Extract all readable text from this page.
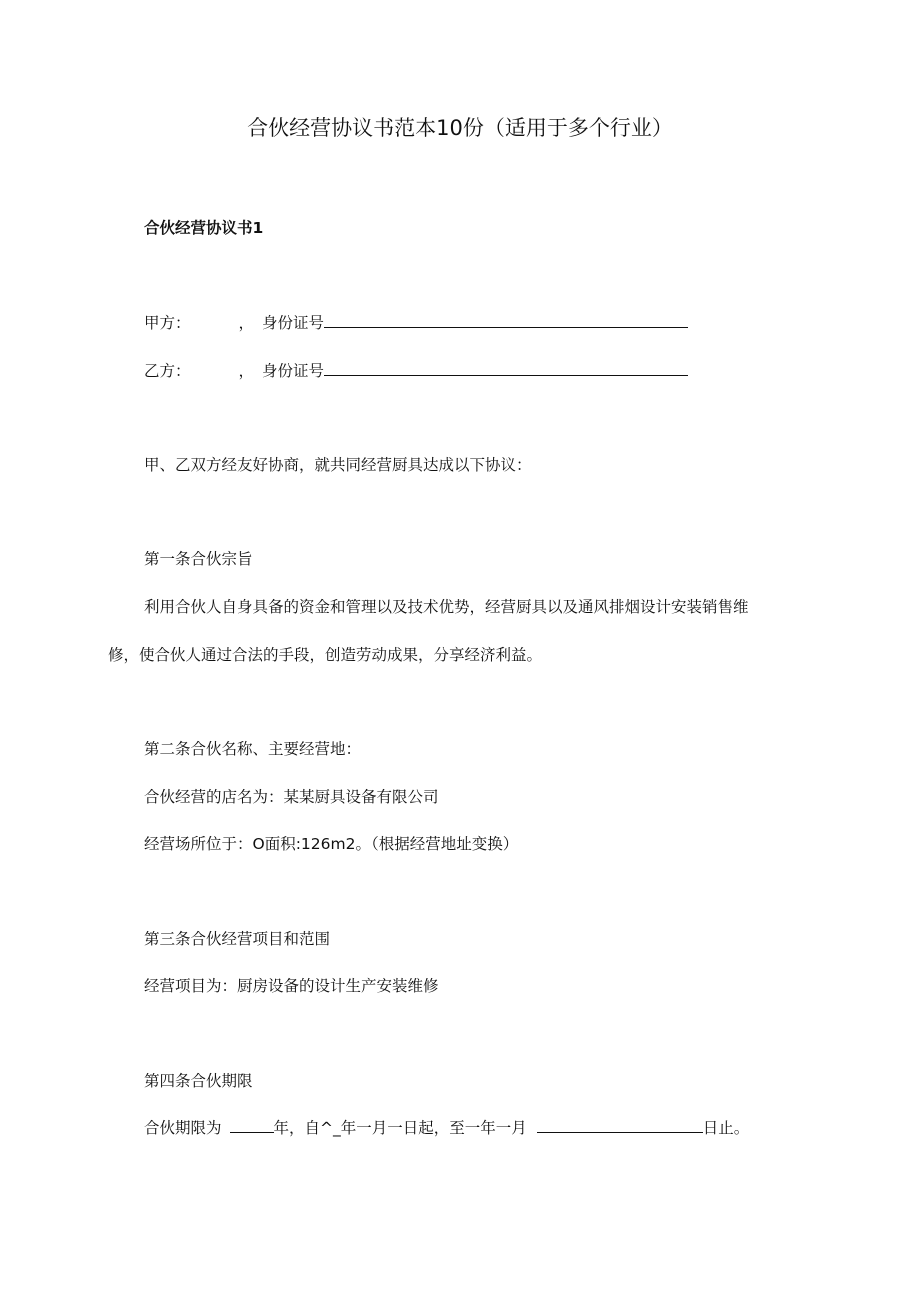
合伙经营协议书范本10份（适用于多个行业）
合伙经营协议书1
甲方：	， 身份证号
乙方：	， 身份证号
甲、乙双方经友好协商，就共同经营厨具达成以下协议：
第一条合伙宗旨
利用合伙人自身具备的资金和管理以及技术优势，经营厨具以及通风排烟设计安装销售维
修，使合伙人通过合法的手段，创造劳动成果，分享经济利益。
第二条合伙名称、主要经营地：
合伙经营的店名为：某某厨具设备有限公司
经营场所位于：O面积:126m2。（根据经营地址变换）
第三条合伙经营项目和范围
经营项目为：厨房设备的设计生产安装维修
第四条合伙期限
合伙期限为	年，自^_年一月一日起，至一年一月	日止。
